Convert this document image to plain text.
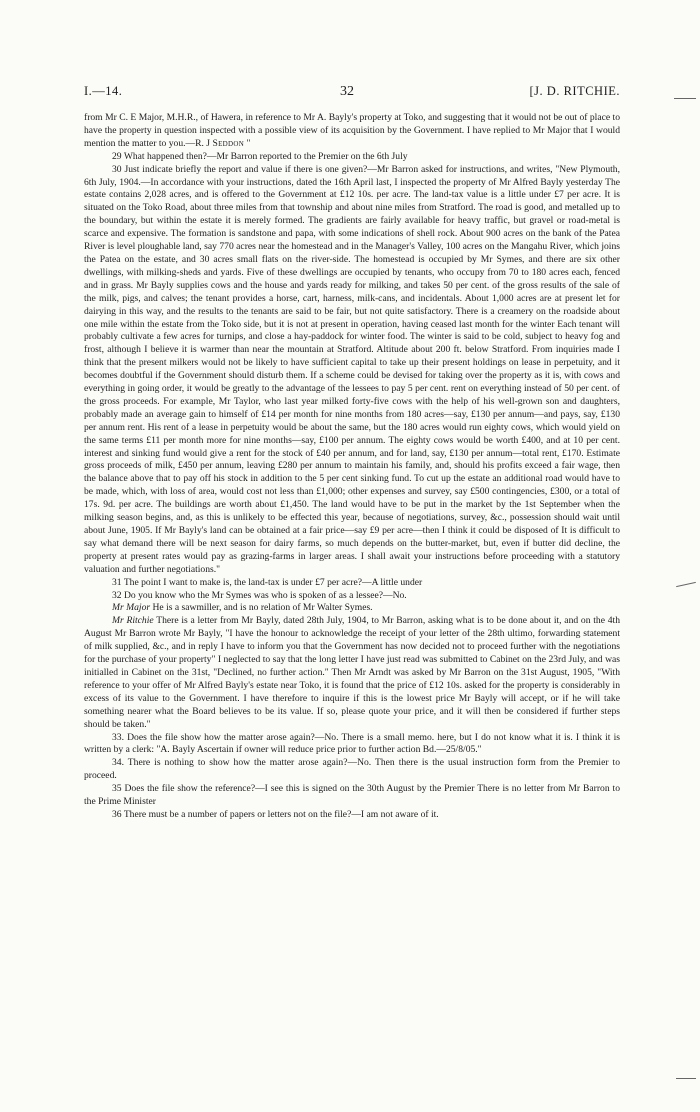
I.—14.	32	[J. D. RITCHIE.

from Mr C. E Major, M.H.R., of Hawera, in reference to Mr A. Bayly's property at Toko, and suggesting that it would not be out of place to have the property in question inspected with a possible view of its acquisition by the Government. I have replied to Mr Major that I would mention the matter to you.—R. J Seddon "

29 What happened then?—Mr Barron reported to the Premier on the 6th July

30 Just indicate briefly the report and value if there is one given?—Mr Barron asked for instructions, and writes, "New Plymouth, 6th July, 1904.—In accordance with your instructions, dated the 16th April last, I inspected the property of Mr Alfred Bayly yesterday The estate contains 2,028 acres, and is offered to the Government at £12 10s. per acre. The land-tax value is a little under £7 per acre. It is situated on the Toko Road, about three miles from that township and about nine miles from Stratford. The road is good, and metalled up to the boundary, but within the estate it is merely formed. The gradients are fairly available for heavy traffic, but gravel or road-metal is scarce and expensive. The formation is sandstone and papa, with some indications of shell rock. About 900 acres on the bank of the Patea River is level ploughable land, say 770 acres near the homestead and in the Manager's Valley, 100 acres on the Mangahu River, which joins the Patea on the estate, and 30 acres small flats on the river-side. The homestead is occupied by Mr Symes, and there are six other dwellings, with milking-sheds and yards. Five of these dwellings are occupied by tenants, who occupy from 70 to 180 acres each, fenced and in grass. Mr Bayly supplies cows and the house and yards ready for milking, and takes 50 per cent. of the gross results of the sale of the milk, pigs, and calves; the tenant provides a horse, cart, harness, milk-cans, and incidentals. About 1,000 acres are at present let for dairying in this way, and the results to the tenants are said to be fair, but not quite satisfactory. There is a creamery on the roadside about one mile within the estate from the Toko side, but it is not at present in operation, having ceased last month for the winter Each tenant will probably cultivate a few acres for turnips, and close a hay-paddock for winter food. The winter is said to be cold, subject to heavy fog and frost, although I believe it is warmer than near the mountain at Stratford. Altitude about 200 ft. below Stratford. From inquiries made I think that the present milkers would not be likely to have sufficient capital to take up their present holdings on lease in perpetuity, and it becomes doubtful if the Government should disturb them. If a scheme could be devised for taking over the property as it is, with cows and everything in going order, it would be greatly to the advantage of the lessees to pay 5 per cent. rent on everything instead of 50 per cent. of the gross proceeds. For example, Mr Taylor, who last year milked forty-five cows with the help of his well-grown son and daughters, probably made an average gain to himself of £14 per month for nine months from 180 acres—say, £130 per annum—and pays, say, £130 per annum rent. His rent of a lease in perpetuity would be about the same, but the 180 acres would run eighty cows, which would yield on the same terms £11 per month more for nine months—say, £100 per annum. The eighty cows would be worth £400, and at 10 per cent. interest and sinking fund would give a rent for the stock of £40 per annum, and for land, say, £130 per annum—total rent, £170. Estimate gross proceeds of milk, £450 per annum, leaving £280 per annum to maintain his family, and, should his profits exceed a fair wage, then the balance above that to pay off his stock in addition to the 5 per cent sinking fund. To cut up the estate an additional road would have to be made, which, with loss of area, would cost not less than £1,000; other expenses and survey, say £500 contingencies, £300, or a total of 17s. 9d. per acre. The buildings are worth about £1,450. The land would have to be put in the market by the 1st September when the milking season begins, and, as this is unlikely to be effected this year, because of negotiations, survey, &c., possession should wait until about June, 1905. If Mr Bayly's land can be obtained at a fair price—say £9 per acre—then I think it could be disposed of It is difficult to say what demand there will be next season for dairy farms, so much depends on the butter-market, but, even if butter did decline, the property at present rates would pay as grazing-farms in larger areas. I shall await your instructions before proceeding with a statutory valuation and further negotiations."

31 The point I want to make is, the land-tax is under £7 per acre?—A little under

32 Do you know who the Mr Symes was who is spoken of as a lessee?—No.

Mr Major He is a sawmiller, and is no relation of Mr Walter Symes.

Mr Ritchie There is a letter from Mr Bayly, dated 28th July, 1904, to Mr Barron, asking what is to be done about it, and on the 4th August Mr Barron wrote Mr Bayly, "I have the honour to acknowledge the receipt of your letter of the 28th ultimo, forwarding statement of milk supplied, &c., and in reply I have to inform you that the Government has now decided not to proceed further with the negotiations for the purchase of your property" I neglected to say that the long letter I have just read was submitted to Cabinet on the 23rd July, and was initialled in Cabinet on the 31st, "Declined, no further action." Then Mr Arndt was asked by Mr Barron on the 31st August, 1905, "With reference to your offer of Mr Alfred Bayly's estate near Toko, it is found that the price of £12 10s. asked for the property is considerably in excess of its value to the Government. I have therefore to inquire if this is the lowest price Mr Bayly will accept, or if he will take something nearer what the Board believes to be its value. If so, please quote your price, and it will then be considered if further steps should be taken."

33. Does the file show how the matter arose again?—No. There is a small memo. here, but I do not know what it is. I think it is written by a clerk: "A. Bayly Ascertain if owner will reduce price prior to further action Bd.—25/8/05."

34. There is nothing to show how the matter arose again?—No. Then there is the usual instruction form from the Premier to proceed.

35 Does the file show the reference?—I see this is signed on the 30th August by the Premier There is no letter from Mr Barron to the Prime Minister

36 There must be a number of papers or letters not on the file?—I am not aware of it.
